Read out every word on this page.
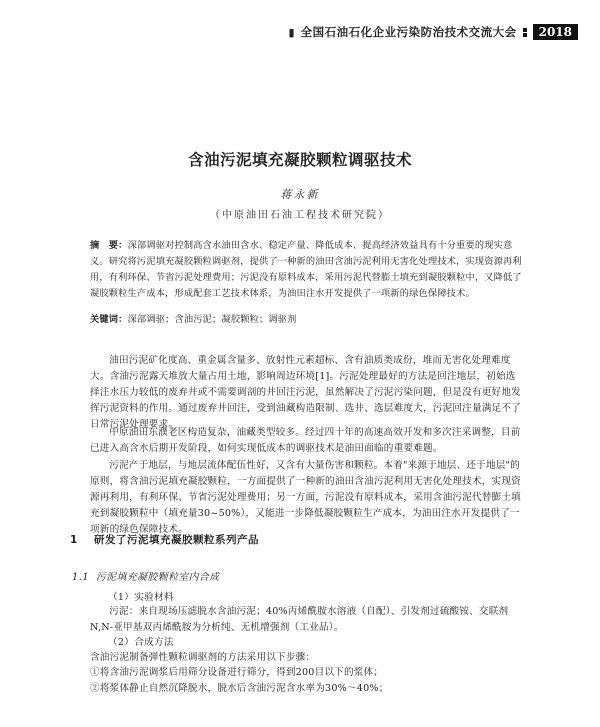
▮ 全国石油石化企业污染防治技术交流大会	2018
含油污泥填充凝胶颗粒调驱技术
蒋永新
（中原油田石油工程技术研究院）
摘　要：深部调驱对控制高含水油田含水、稳定产量、降低成本、提高经济效益具有十分重要的现实意义。研究将污泥填充凝胶颗粒调驱剂，提供了一种新的油田含油污泥利用无害化处理技术，实现资源再利用，有利环保、节省污泥处理费用；污泥没有原料成本，采用污泥代替膨土填充到凝胶颗粒中，又降低了凝胶颗粒生产成本，形成配套工艺技术体系，为油田注水开发提供了一项新的绿色保障技术。
关键词：深部调驱；含油污泥；凝胶颗粒；调驱剂

油田污泥矿化度高、重金属含量多、放射性元素超标、含有油质类成份，堆而无害化处理难度大。含油污泥露天堆放大量占用土地，影响周边环境[1]。污泥处理最好的方法是回注地层，初始选择注水压力较低的废弃井或不需要调剖的井回注污泥，虽然解决了污泥污染问题，但是没有更好地发挥污泥资料的作用。通过废弃井回注，受到油藏构造限制、选井、选层难度大，污泥回注量满足不了日常污泥处理要求。

中原油田东濮老区构造复杂，油藏类型较多。经过四十年的高速高效开发和多次注采调整，目前已进入高含水后期开发阶段，如何实现低成本的调驱技术是油田面临的重要难题。

污泥产于地层，与地层流体配伍性好，又含有大量伤害和颗粒。本着"来源于地层、还于地层"的原则，将含油污泥填充凝胶颗粒，一方面提供了一种新的油田含油污泥利用无害化处理技术，实现资源再利用，有利环保、节省污泥处理费用；另一方面，污泥没有原料成本，采用含油污泥代替膨土填充到凝胶颗粒中（填充量30~50%），又能进一步降低凝胶颗粒生产成本，为油田注水开发提供了一项新的绿色保障技术。

1 研发了污泥填充凝胶颗粒系列产品
1.1 污泥填充凝胶颗粒室内合成
（1）实验材料

污泥：来自现场压滤脱水含油污泥；40%丙烯酰胺水溶液（自配）、引发剂过硫酸铵、交联剂N,N-亚甲基双丙烯酰胺为分析纯、无机增强剂（工业品）。

（2）合成方法

含油污泥制备弹性颗粒调驱剂的方法采用以下步骤：

①将含油污泥调浆后用筛分设备进行筛分，得到200目以下的浆体；

②将浆体静止自然沉降脱水，脱水后含油污泥含水率为30%～40%；
